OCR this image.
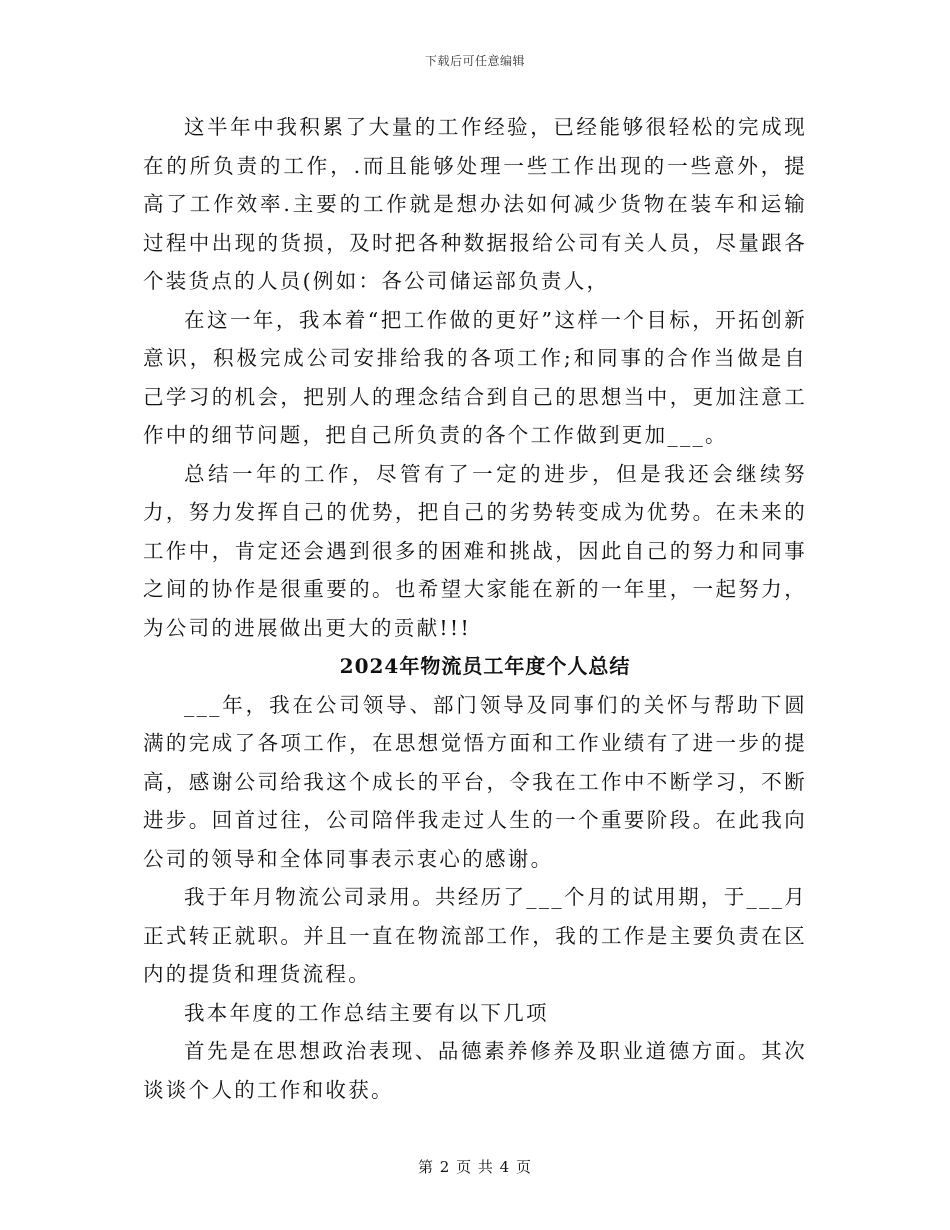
下载后可任意编辑

这半年中我积累了大量的工作经验，已经能够很轻松的完成现在的所负责的工作，.而且能够处理一些工作出现的一些意外，提高了工作效率.主要的工作就是想办法如何减少货物在装车和运输过程中出现的货损，及时把各种数据报给公司有关人员，尽量跟各个装货点的人员(例如：各公司储运部负责人，

在这一年，我本着“把工作做的更好”这样一个目标，开拓创新意识，积极完成公司安排给我的各项工作;和同事的合作当做是自己学习的机会，把别人的理念结合到自己的思想当中，更加注意工作中的细节问题，把自己所负责的各个工作做到更加___。

总结一年的工作，尽管有了一定的进步，但是我还会继续努力，努力发挥自己的优势，把自己的劣势转变成为优势。在未来的工作中，肯定还会遇到很多的困难和挑战，因此自己的努力和同事之间的协作是很重要的。也希望大家能在新的一年里，一起努力，为公司的进展做出更大的贡献!!!

2024年物流员工年度个人总结

___年，我在公司领导、部门领导及同事们的关怀与帮助下圆满的完成了各项工作，在思想觉悟方面和工作业绩有了进一步的提高，感谢公司给我这个成长的平台，令我在工作中不断学习，不断进步。回首过往，公司陪伴我走过人生的一个重要阶段。在此我向公司的领导和全体同事表示衷心的感谢。

我于年月物流公司录用。共经历了___个月的试用期，于___月正式转正就职。并且一直在物流部工作，我的工作是主要负责在区内的提货和理货流程。

我本年度的工作总结主要有以下几项

首先是在思想政治表现、品德素养修养及职业道德方面。其次谈谈个人的工作和收获。

第 2 页 共 4 页
